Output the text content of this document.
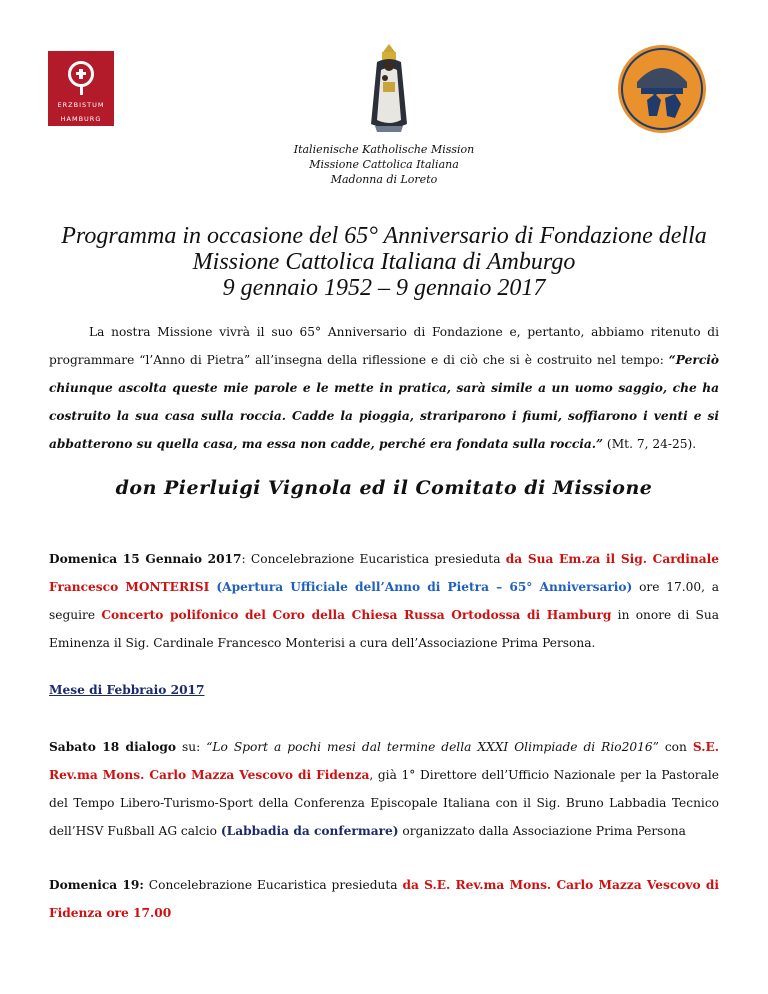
ERZBISTUM
HAMBURG
Italienische Katholische Mission
Missione Cattolica Italiana
Madonna di Loreto
Programma in occasione del 65° Anniversario di Fondazione della
Missione Cattolica Italiana di Amburgo
9 gennaio 1952 – 9 gennaio 2017
La nostra Missione vivrà il suo 65° Anniversario di Fondazione e, pertanto, abbiamo ritenuto di programmare “l’Anno di Pietra” all’insegna della riflessione e di ciò che si è costruito nel tempo: “Perciò chiunque ascolta queste mie parole e le mette in pratica, sarà simile a un uomo saggio, che ha costruito la sua casa sulla roccia. Cadde la pioggia, strariparono i fiumi, soffiarono i venti e si abbatterono su quella casa, ma essa non cadde, perché era fondata sulla roccia.” (Mt. 7, 24-25).
don Pierluigi Vignola ed il Comitato di Missione
Domenica 15 Gennaio 2017: Concelebrazione Eucaristica presieduta da Sua Em.za il Sig. Cardinale Francesco MONTERISI (Apertura Ufficiale dell’Anno di Pietra – 65° Anniversario) ore 17.00, a seguire Concerto polifonico del Coro della Chiesa Russa Ortodossa di Hamburg in onore di Sua Eminenza il Sig. Cardinale Francesco Monterisi a cura dell’Associazione Prima Persona.
Mese di Febbraio 2017
Sabato 18 dialogo su: “Lo Sport a pochi mesi dal termine della XXXI Olimpiade di Rio2016” con S.E. Rev.ma Mons. Carlo Mazza Vescovo di Fidenza, già 1° Direttore dell’Ufficio Nazionale per la Pastorale del Tempo Libero-Turismo-Sport della Conferenza Episcopale Italiana con il Sig. Bruno Labbadia Tecnico dell’HSV Fußball AG calcio (Labbadia da confermare) organizzato dalla Associazione Prima Persona
Domenica 19: Concelebrazione Eucaristica presieduta da S.E. Rev.ma Mons. Carlo Mazza Vescovo di Fidenza ore 17.00
